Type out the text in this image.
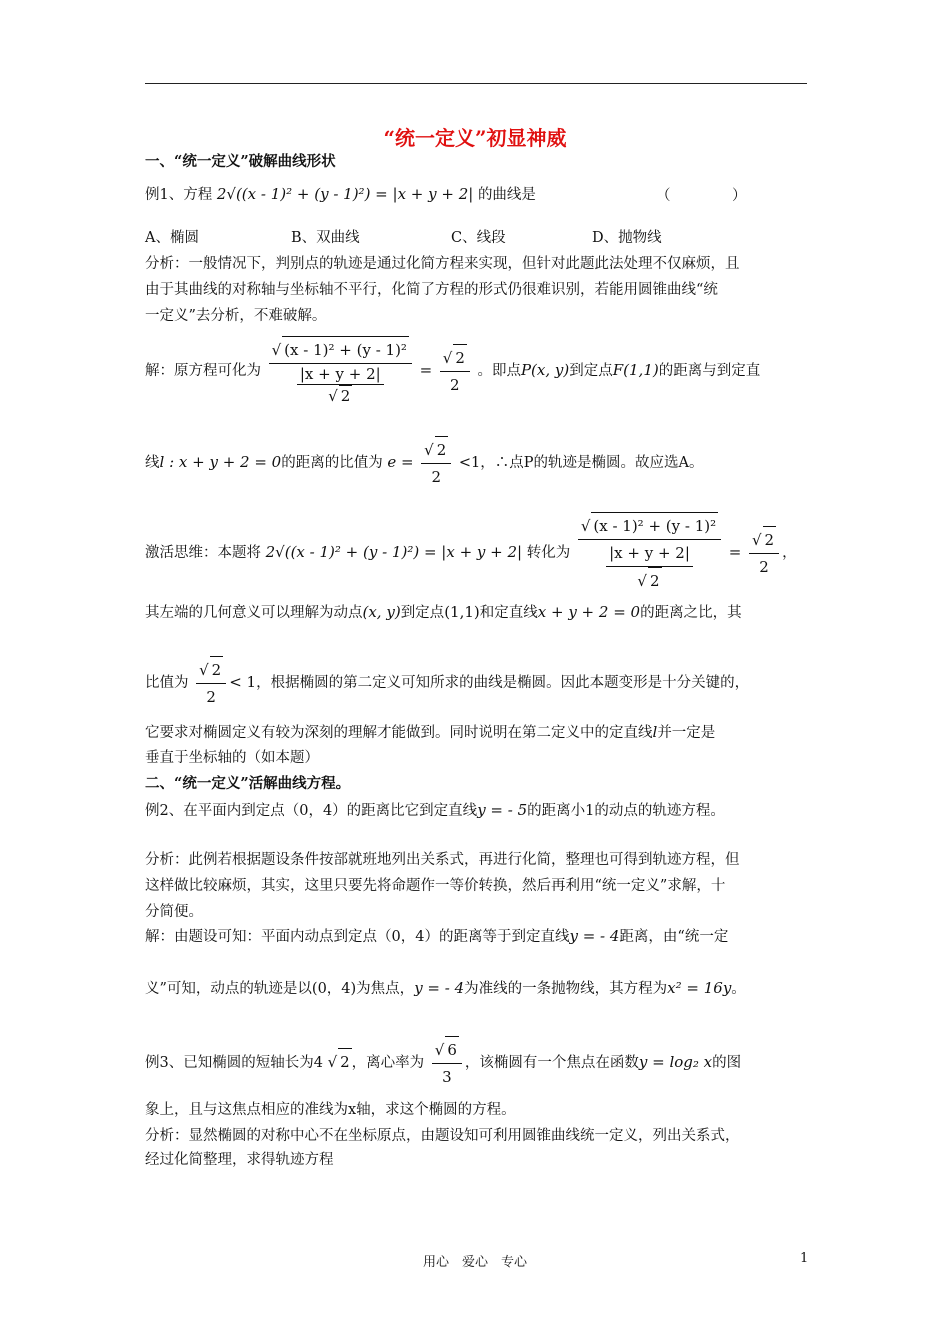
“统一定义”初显神威
一、“统一定义”破解曲线形状
例1、方程 2√((x - 1)² + (y - 1)²) = |x + y + 2| 的曲线是	（	）
A、椭圆	B、双曲线	C、线段	D、抛物线
分析：一般情况下，判别点的轨迹是通过化简方程来实现，但针对此题此法处理不仅麻烦，且
由于其曲线的对称轴与坐标轴不平行，化简了方程的形式仍很难识别，若能用圆锥曲线“统
一定义”去分析，不难破解。
解：原方程可化为 $\frac{\text{√ (x - 1)² + (y - 1)²}}{\frac{|x + y + 2|}{√ 2}} = \frac{√ 2}{2}$ 。即点P(x, y)到定点F(1,1)的距离与到定直
线l : x + y + 2 = 0的距离的比值为 $e = \frac{√ 2}{2} <1$，∴点P的轨迹是椭圆。故应选A。
激活思维：本题将 2√((x - 1)² + (y - 1)²) = |x + y + 2| 转化为 $\frac{\text{√ (x - 1)² + (y - 1)²}}{\frac{|x + y + 2|}{√ 2}} = \frac{√ 2}{2}$ ，
其左端的几何意义可以理解为动点(x, y)到定点(1,1)和定直线x + y + 2 = 0的距离之比，其
比值为 $\frac{√ 2}{2} < 1$，根据椭圆的第二定义可知所求的曲线是椭圆。因此本题变形是十分关键的，
它要求对椭圆定义有较为深刻的理解才能做到。同时说明在第二定义中的定直线l并一定是
垂直于坐标轴的（如本题）
二、“统一定义”活解曲线方程。
例2、在平面内到定点（0，4）的距离比它到定直线y = - 5的距离小1的动点的轨迹方程。
分析：此例若根据题设条件按部就班地列出关系式，再进行化简，整理也可得到轨迹方程，但
这样做比较麻烦，其实，这里只要先将命题作一等价转换，然后再利用“统一定义”求解，十
分简便。
解：由题设可知：平面内动点到定点（0，4）的距离等于到定直线y = - 4距离，由“统一定
义”可知，动点的轨迹是以(0，4)为焦点，y = - 4为准线的一条抛物线，其方程为x² = 16y。
例3、已知椭圆的短轴长为4 √ 2 ，离心率为 $\frac{√ 6}{3}$ ，该椭圆有一个焦点在函数y = log₂ x的图
象上，且与这焦点相应的准线为x轴，求这个椭圆的方程。
分析：显然椭圆的对称中心不在坐标原点，由题设知可利用圆锥曲线统一定义，列出关系式，
经过化简整理，求得轨迹方程
用心　爱心　专心	1
